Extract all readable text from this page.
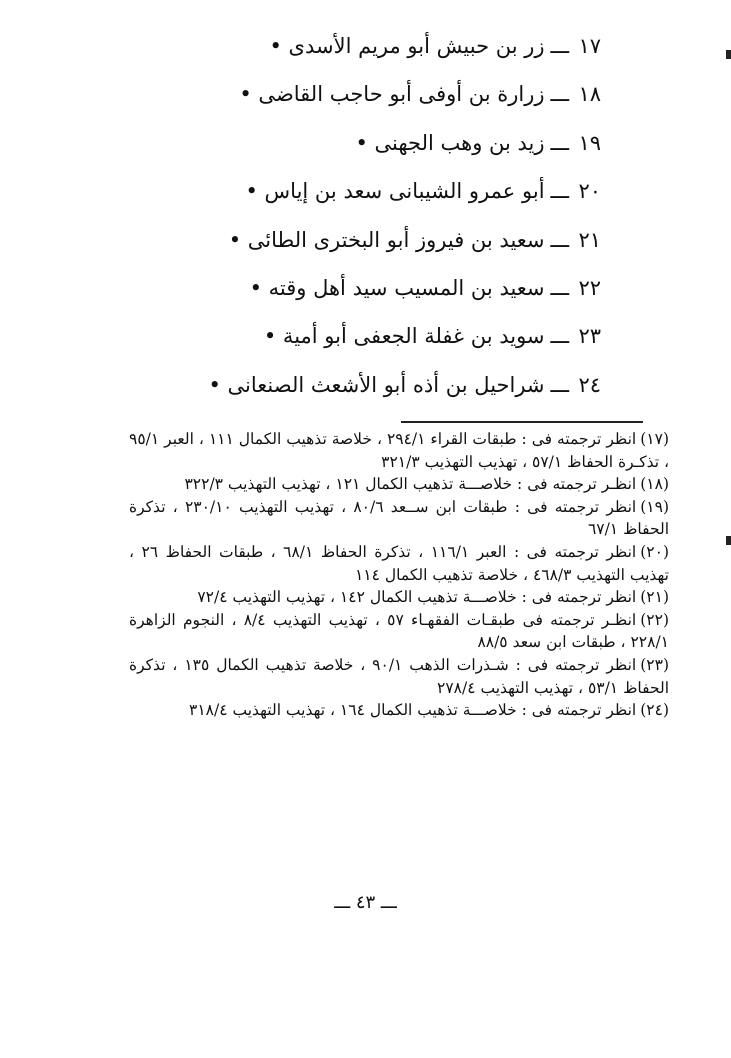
١٧ـــزر بن حبيش أبو مريم الأسدى •
١٨ـــزرارة بن أوفى أبو حاجب القاضى •
١٩ـــزيد بن وهب الجهنى •
٢٠ـــأبو عمرو الشيبانى سعد بن إياس •
٢١ـــسعيد بن فيروز أبو البخترى الطائى •
٢٢ـــسعيد بن المسيب سيد أهل وقته •
٢٣ـــسويد بن غفلة الجعفى أبو أمية •
٢٤ـــشراحيل بن أذه أبو الأشعث الصنعانى •
(١٧)انظر ترجمته فى : طبقات القراء ٢٩٤/١ ، خلاصة تذهيب الكمال ١١١ ، العبر ٩٥/١ ، تذكـرة الحفاظ ٥٧/١ ، تهذيب التهذيب ٣٢١/٣
(١٨)انظـر ترجمته فى : خلاصـــة تذهيب الكمال ١٢١ ، تهذيب التهذيب ٣٢٢/٣
(١٩)انظر ترجمته فى : طبقات ابن ســعد ٨٠/٦ ، تهذيب التهذيب ٢٣٠/١٠ ، تذكرة الحفاظ ٦٧/١
(٢٠)انظر ترجمته فى : العبر ١١٦/١ ، تذكرة الحفاظ ٦٨/١ ، طبقات الحفاظ ٢٦ ، تهذيب التهذيب ٤٦٨/٣ ، خلاصة تذهيب الكمال ١١٤
(٢١)انظر ترجمته فى : خلاصـــة تذهيب الكمال ١٤٢ ، تهذيب التهذيب ٧٢/٤
(٢٢)انظـر ترجمته فى طبقـات الفقهـاء ٥٧ ، تهذيب التهذيب ٨/٤ ، النجوم الزاهرة ٢٢٨/١ ، طبقات ابن سعد ٨٨/٥
(٢٣)انظر ترجمته فى : شـذرات الذهب ٩٠/١ ، خلاصة تذهيب الكمال ١٣٥ ، تذكرة الحفاظ ٥٣/١ ، تهذيب التهذيب ٢٧٨/٤
(٢٤)انظر ترجمته فى : خلاصـــة تذهيب الكمال ١٦٤ ، تهذيب التهذيب ٣١٨/٤
ـــ ٤٣ ـــ
